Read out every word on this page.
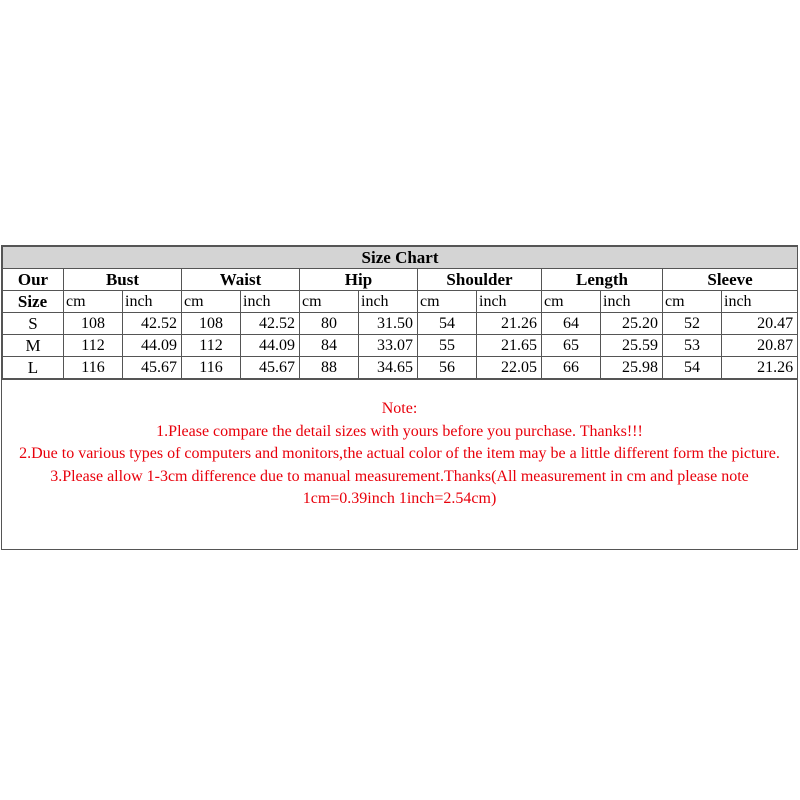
Size Chart												
Our	Bust		Waist		Hip		Shoulder		Length		Sleeve	
Size	cm	inch	cm	inch	cm	inch	cm	inch	cm	inch	cm	inch
S	108	42.52	108	42.52	80	31.50	54	21.26	64	25.20	52	20.47
M	112	44.09	112	44.09	84	33.07	55	21.65	65	25.59	53	20.87
L	116	45.67	116	45.67	88	34.65	56	22.05	66	25.98	54	21.26
Note:
1.Please compare the detail sizes with yours before you purchase. Thanks!!!
2.Due to various types of computers and monitors,the actual color of the item may be a little different form the picture.
3.Please allow 1-3cm difference due to manual measurement.Thanks(All measurement in cm and please note 1cm=0.39inch 1inch=2.54cm)
